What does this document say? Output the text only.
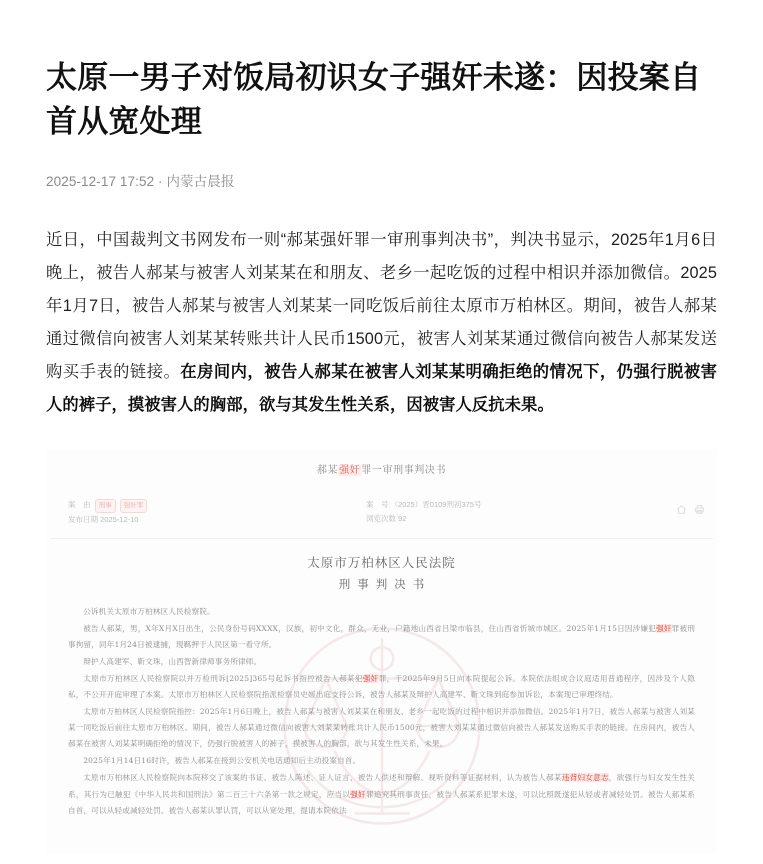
太原一男子对饭局初识女子强奸未遂：因投案自首从宽处理
2025-12-17 17:52 · 内蒙古晨报

近日，中国裁判文书网发布一则“郝某强奸罪一审刑事判决书”，判决书显示，2025年1月6日晚上，被告人郝某与被害人刘某某在和朋友、老乡一起吃饭的过程中相识并添加微信。2025年1月7日，被告人郝某与被害人刘某某一同吃饭后前往太原市万柏林区。期间，被告人郝某通过微信向被害人刘某某转账共计人民币1500元，被害人刘某某通过微信向被告人郝某发送购买手表的链接。在房间内，被告人郝某在被害人刘某某明确拒绝的情况下，仍强行脱被害人的裤子，摸被害人的胸部，欲与其发生性关系，因被害人反抗未果。

郝某强奸罪一审刑事判决书
案　由 刑事 强奸罪
发布日期 2025-12-10
案　号 （2025）晋0109刑初375号
浏览次数 92
太原市万柏林区人民法院
刑事判决书

公诉机关太原市万柏林区人民检察院。

被告人郝某，男，X年X月X日出生，公民身份号码XXXX，汉族，初中文化，群众，无业，户籍地山西省吕梁市临县，住山西省忻城市城区。2025年1月15日因涉嫌犯强奸罪被刑事拘留，同年1月24日被逮捕，现羁押于人民区第一看守所。

辩护人高建军、靳文珠，山西智新律师事务所律师。

太原市万柏林区人民检察院以并万检刑诉[2025]365号起诉书指控被告人郝某犯强奸罪，于2025年9月5日向本院提起公诉。本院依法组成合议庭适用普通程序，因涉及个人隐私，不公开开庭审理了本案。太原市万柏林区人民检察院指派检察员史媛出庭支持公诉，被告人郝某及辩护人高建军、靳文珠到庭参加诉讼，本案现已审理终结。

太原市万柏林区人民检察院指控：2025年1月6日晚上，被告人郝某与被害人刘某某在和朋友、老乡一起吃饭的过程中相识并添加微信。2025年1月7日，被告人郝某与被害人刘某某一同吃饭后前往太原市万柏林区。期间，被告人郝某通过微信向被害人刘某某转账共计人民币1500元，被害人刘某某通过微信向被告人郝某发送购买手表的链接。在房间内，被告人郝某在被害人刘某某明确拒绝的情况下，仍强行脱被害人的裤子，摸被害人的胸部，欲与其发生性关系，未果。

2025年1月14日16时许，被告人郝某在接到公安机关电话通知后主动投案自首。

太原市万柏林区人民检察院向本院移交了该案的书证、被告人陈述、证人证言、被告人供述和辩解、视听资料等证据材料，认为被告人郝某违背妇女意志，欲强行与妇女发生性关系，其行为已触犯《中华人民共和国刑法》第二百三十六条第一款之规定，应当以强奸罪追究其刑事责任，被告人郝某系犯罪未遂，可以比照既遂犯从轻或者减轻处罚。被告人郝某系自首，可以从轻或减轻处罚。被告人郝某认罪认罚，可以从宽处理，提请本院依法
